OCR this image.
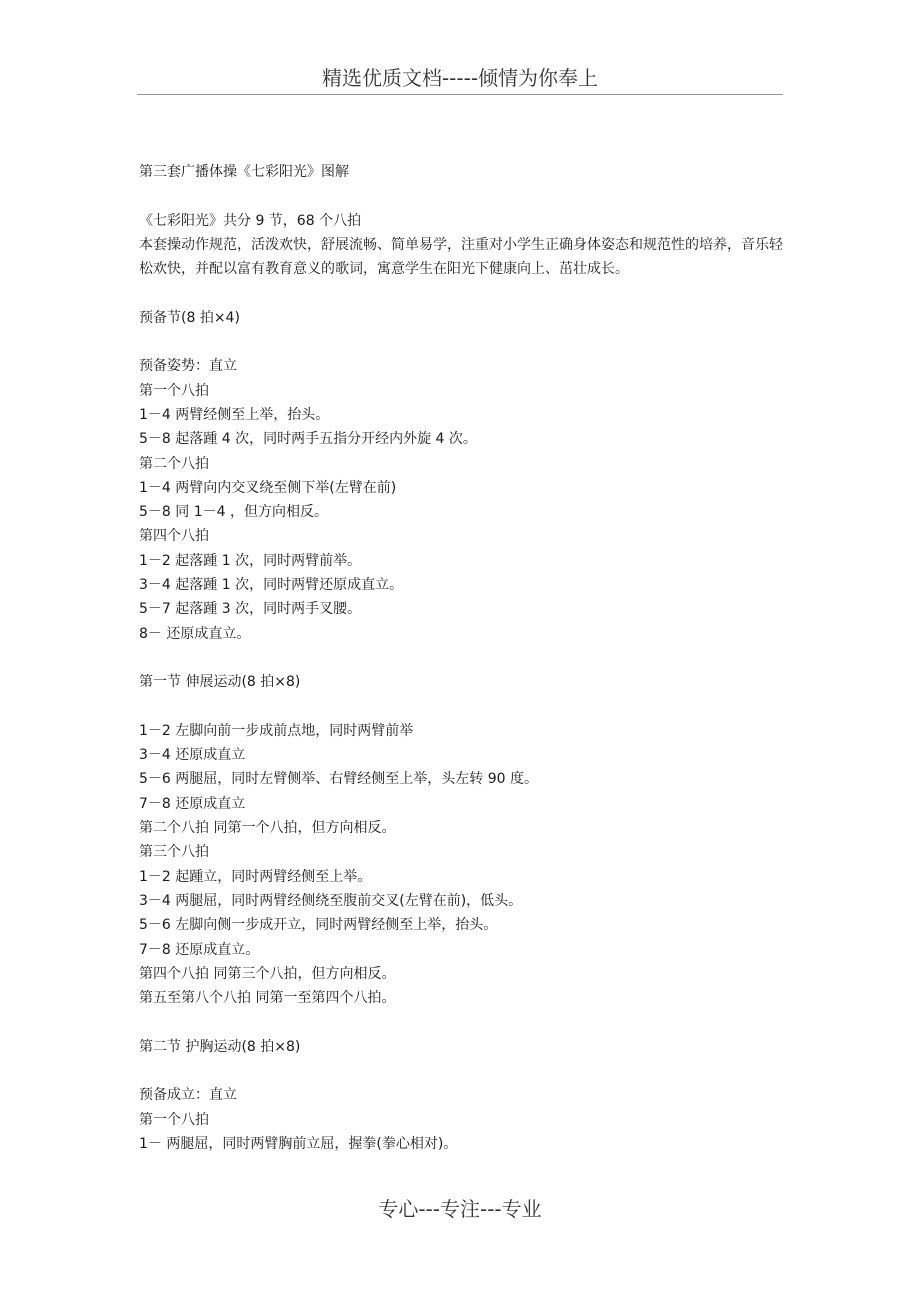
精选优质文档-----倾情为你奉上
第三套广播体操《七彩阳光》图解
《七彩阳光》共分 9 节，68 个八拍
本套操动作规范，活泼欢快，舒展流畅、简单易学，注重对小学生正确身体姿态和规范性的培养，音乐轻松欢快，并配以富有教育意义的歌词，寓意学生在阳光下健康向上、茁壮成长。
预备节(8 拍×4)
预备姿势：直立
第一个八拍
1－4 两臂经侧至上举，抬头。
5－8 起落踵 4 次，同时两手五指分开经内外旋 4 次。
第二个八拍
1－4 两臂向内交叉绕至侧下举(左臂在前)
5－8 同 1－4 ，但方向相反。
第四个八拍
1－2 起落踵 1 次，同时两臂前举。
3－4 起落踵 1 次，同时两臂还原成直立。
5－7 起落踵 3 次，同时两手叉腰。
8－ 还原成直立。
第一节 伸展运动(8 拍×8)
1－2 左脚向前一步成前点地，同时两臂前举
3－4 还原成直立
5－6 两腿屈，同时左臂侧举、右臂经侧至上举，头左转 90 度。
7－8 还原成直立
第二个八拍 同第一个八拍，但方向相反。
第三个八拍
1－2 起踵立，同时两臂经侧至上举。
3－4 两腿屈，同时两臂经侧绕至腹前交叉(左臂在前)，低头。
5－6 左脚向侧一步成开立，同时两臂经侧至上举，抬头。
7－8 还原成直立。
第四个八拍 同第三个八拍，但方向相反。
第五至第八个八拍 同第一至第四个八拍。
第二节 护胸运动(8 拍×8)
预备成立：直立
第一个八拍
1－ 两腿屈，同时两臂胸前立屈，握拳(拳心相对)。
专心---专注---专业
